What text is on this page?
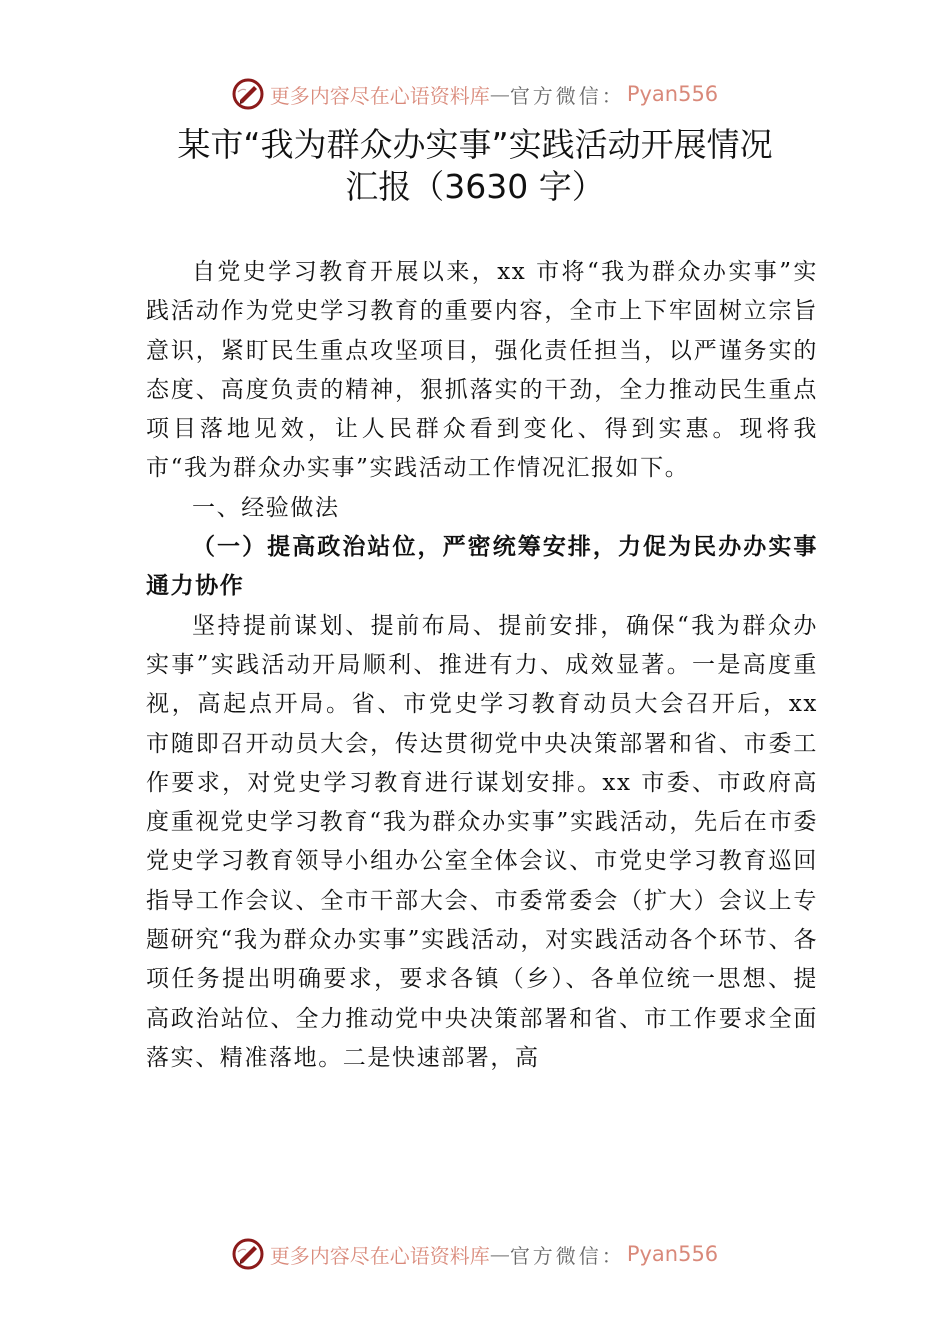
更多内容尽在心语资料库 — 官方微信： Pyan556
某市“我为群众办实事”实践活动开展情况
汇报（3630 字）

自党史学习教育开展以来，xx 市将“我为群众办实事”实践活动作为党史学习教育的重要内容，全市上下牢固树立宗旨意识，紧盯民生重点攻坚项目，强化责任担当，以严谨务实的态度、高度负责的精神，狠抓落实的干劲，全力推动民生重点项目落地见效，让人民群众看到变化、得到实惠。现将我市“我为群众办实事”实践活动工作情况汇报如下。

一、经验做法

（一）提高政治站位，严密统筹安排，力促为民办办实事通力协作

坚持提前谋划、提前布局、提前安排，确保“我为群众办实事”实践活动开局顺利、推进有力、成效显著。一是高度重视，高起点开局。省、市党史学习教育动员大会召开后，xx 市随即召开动员大会，传达贯彻党中央决策部署和省、市委工作要求，对党史学习教育进行谋划安排。xx 市委、市政府高度重视党史学习教育“我为群众办实事”实践活动，先后在市委党史学习教育领导小组办公室全体会议、市党史学习教育巡回指导工作会议、全市干部大会、市委常委会（扩大）会议上专题研究“我为群众办实事”实践活动，对实践活动各个环节、各项任务提出明确要求，要求各镇（乡）、各单位统一思想、提高政治站位、全力推动党中央决策部署和省、市工作要求全面落实、精准落地。二是快速部署，高

更多内容尽在心语资料库 — 官方微信： Pyan556
